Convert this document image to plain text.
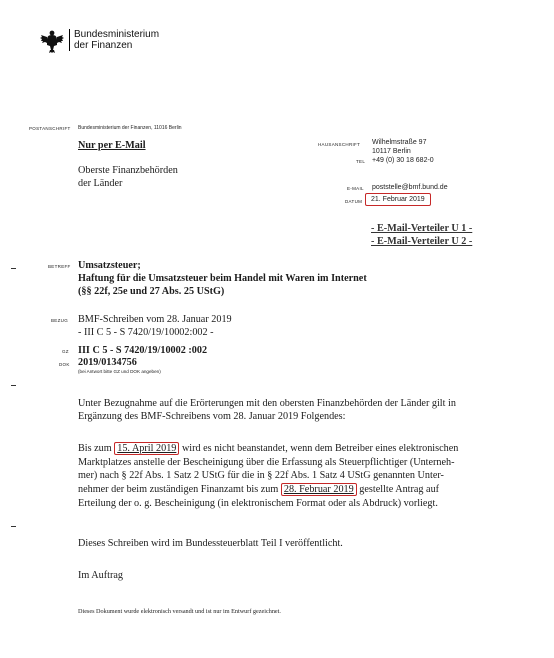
Bundesministerium
der Finanzen
POSTANSCHRIFT Bundesministerium der Finanzen, 11016 Berlin
Nur per E-Mail
Oberste Finanzbehörden
der Länder
HAUSANSCHRIFT Wilhelmstraße 97
10117 Berlin
TEL +49 (0) 30 18 682-0
E-MAIL poststelle@bmf.bund.de
DATUM	21. Februar 2019
- E-Mail-Verteiler U 1 -
- E-Mail-Verteiler U 2 -
BETREFF Umsatzsteuer;
Haftung für die Umsatzsteuer beim Handel mit Waren im Internet
(§§ 22f, 25e und 27 Abs. 25 UStG)
BEZUG BMF-Schreiben vom 28. Januar 2019
- III C 5 - S 7420/19/10002:002 -
GZ III C 5 - S 7420/19/10002 :002
DOK 2019/0134756
(bei Antwort bitte GZ und DOK angeben)
Unter Bezugnahme auf die Erörterungen mit den obersten Finanzbehörden der Länder gilt in
Ergänzung des BMF-Schreibens vom 28. Januar 2019 Folgendes:
Bis zum 15. April 2019 wird es nicht beanstandet, wenn dem Betreiber eines elektronischen
Marktplatzes anstelle der Bescheinigung über die Erfassung als Steuerpflichtiger (Unterneh-
mer) nach § 22f Abs. 1 Satz 2 UStG für die in § 22f Abs. 1 Satz 4 UStG genannten Unter-
nehmer der beim zuständigen Finanzamt bis zum 28. Februar 2019 gestellte Antrag auf
Erteilung der o. g. Bescheinigung (in elektronischem Format oder als Abdruck) vorliegt.
Dieses Schreiben wird im Bundessteuerblatt Teil I veröffentlicht.
Im Auftrag
Dieses Dokument wurde elektronisch versandt und ist nur im Entwurf gezeichnet.
